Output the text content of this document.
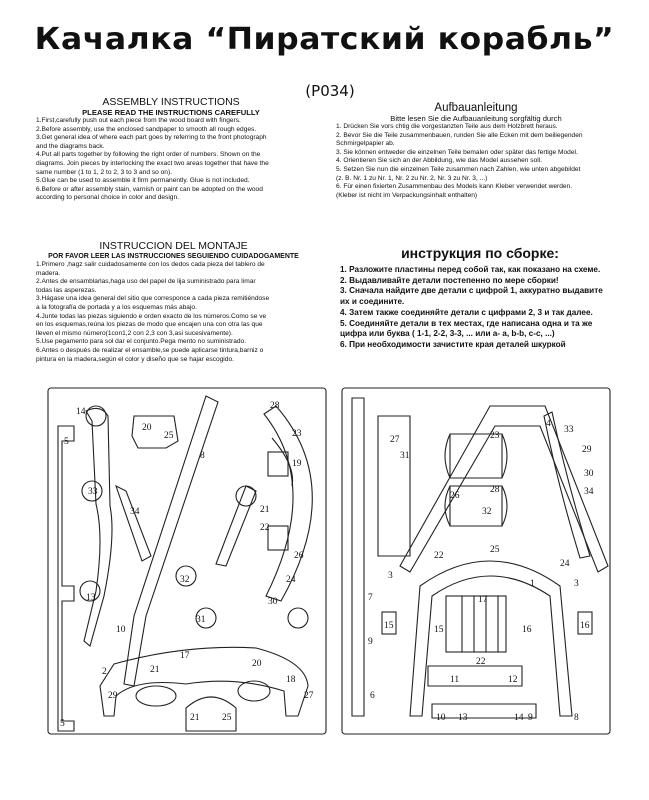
Качалка “Пиратский корабль”
(P034)
ASSEMBLY INSTRUCTIONS
PLEASE READ THE INSTRUCTIONS CAREFULLY
1.First,carefully push out each piece from the wood board with fingers.
2.Before assembly, use the enclosed sandpaper to smooth all rough edges.
3.Get general idea of where each part goes by referring to the front photograph
and the diagrams back.
4.Put all parts together by following the right order of numbers. Shown on the
diagrams. Join pieces by interlocking the exact two areas together that have the
same number (1 to 1, 2 to 2, 3 to 3 and so on).
5.Glue can be used to assemble it firm permanently. Glue is not included.
6.Before or after assembly stain, varnish or paint can be adopted on the wood
according to personal choice in color and design.
INSTRUCCION DEL MONTAJE
POR FAVOR LEER LAS INSTRUCCIONES SEGUIENDO CUIDADOGAMENTE
1.Primero ,hagz salir cuidadosamente con los dedos cada pieza del tablero de
madera.
2.Antes de ensamblarlas,haga uso del papel de lija suministrado para limar
todas las asperezas.
3.Hágase una idea general del sitio que corresponce a cada pieza remitiéndose
a la fotografía de portada y a los esquemas más abajo.
4.Junte todas las piezas siguiendo e orden exacto de los números.Como se ve
en los esquemas,reúna los piezas de modo que encajen una con otra las que
lleven el mismo número(1con1,2 con 2,3 con 3,asi sucesivamente).
5.Use pegamento para sol dar el conjunto.Pega mento no suministrado.
6.Antes o después de realizar el ensamble,se puede aplicarse tintura,barniz o
pintura en la madera,según el color y diseño que se hajar escogido.
Aufbauanleitung
Bitte lesen Sie die Aufbauanleitung sorgfältig durch
1. Drücken Sie vors chtig die vorgestanzten Teile aus dem Holzbrett heraus.
2. Bevor Sie die Teile zusammenbauen, runden Sie alle Ecken mit dem beiliegenden
Schmirgelpapier ab.
3. Sie können entweder die einzelnen Teile bemalen oder später das fertige Model.
4. Orientieren Sie sich an der Abbildung, wie das Model aussehen soll.
5. Setzen Sie nun die einzelnen Teile zusammen nach Zahlen, wie unten abgebildet
(z. B. Nr. 1 zu Nr. 1, Nr. 2 zu Nr. 2, Nr. 3 zu Nr. 3, ...)
6. Für einen fixierten Zusammenbau des Models kann Kleber verwendet werden.
(Kleber ist nicht im Verpackungsinhalt enthalten)
инструкция по сборке:
1. Разложите пластины перед собой так, как показано на схеме.
2. Выдавливайте детали постепенно по мере сборки!
3. Сначала найдите две детали с цифрой 1, аккуратно выдавите
их и соедините.
4. Затем также соединяйте детали с цифрами 2, 3 и так далее.
5. Соединяйте детали в тех местах, где написана одна и та же
цифра или буква ( 1-1, 2-2, 3-3, ... или а- а, b-b, c-c, ...)
6. При необходимости зачистите края деталей шкуркой
14
20
25
28
23
19
5
8
33
34	21
22
26
24
13
32
30
31
10
17
2	21
20
29
18
27
5
21 25
4
33
23
29
27
31
26
30
34
28
32
3
3
25
22
24
1
7
9
17
15	16
15	16
22
11	12
10 13	14
6
9	8
